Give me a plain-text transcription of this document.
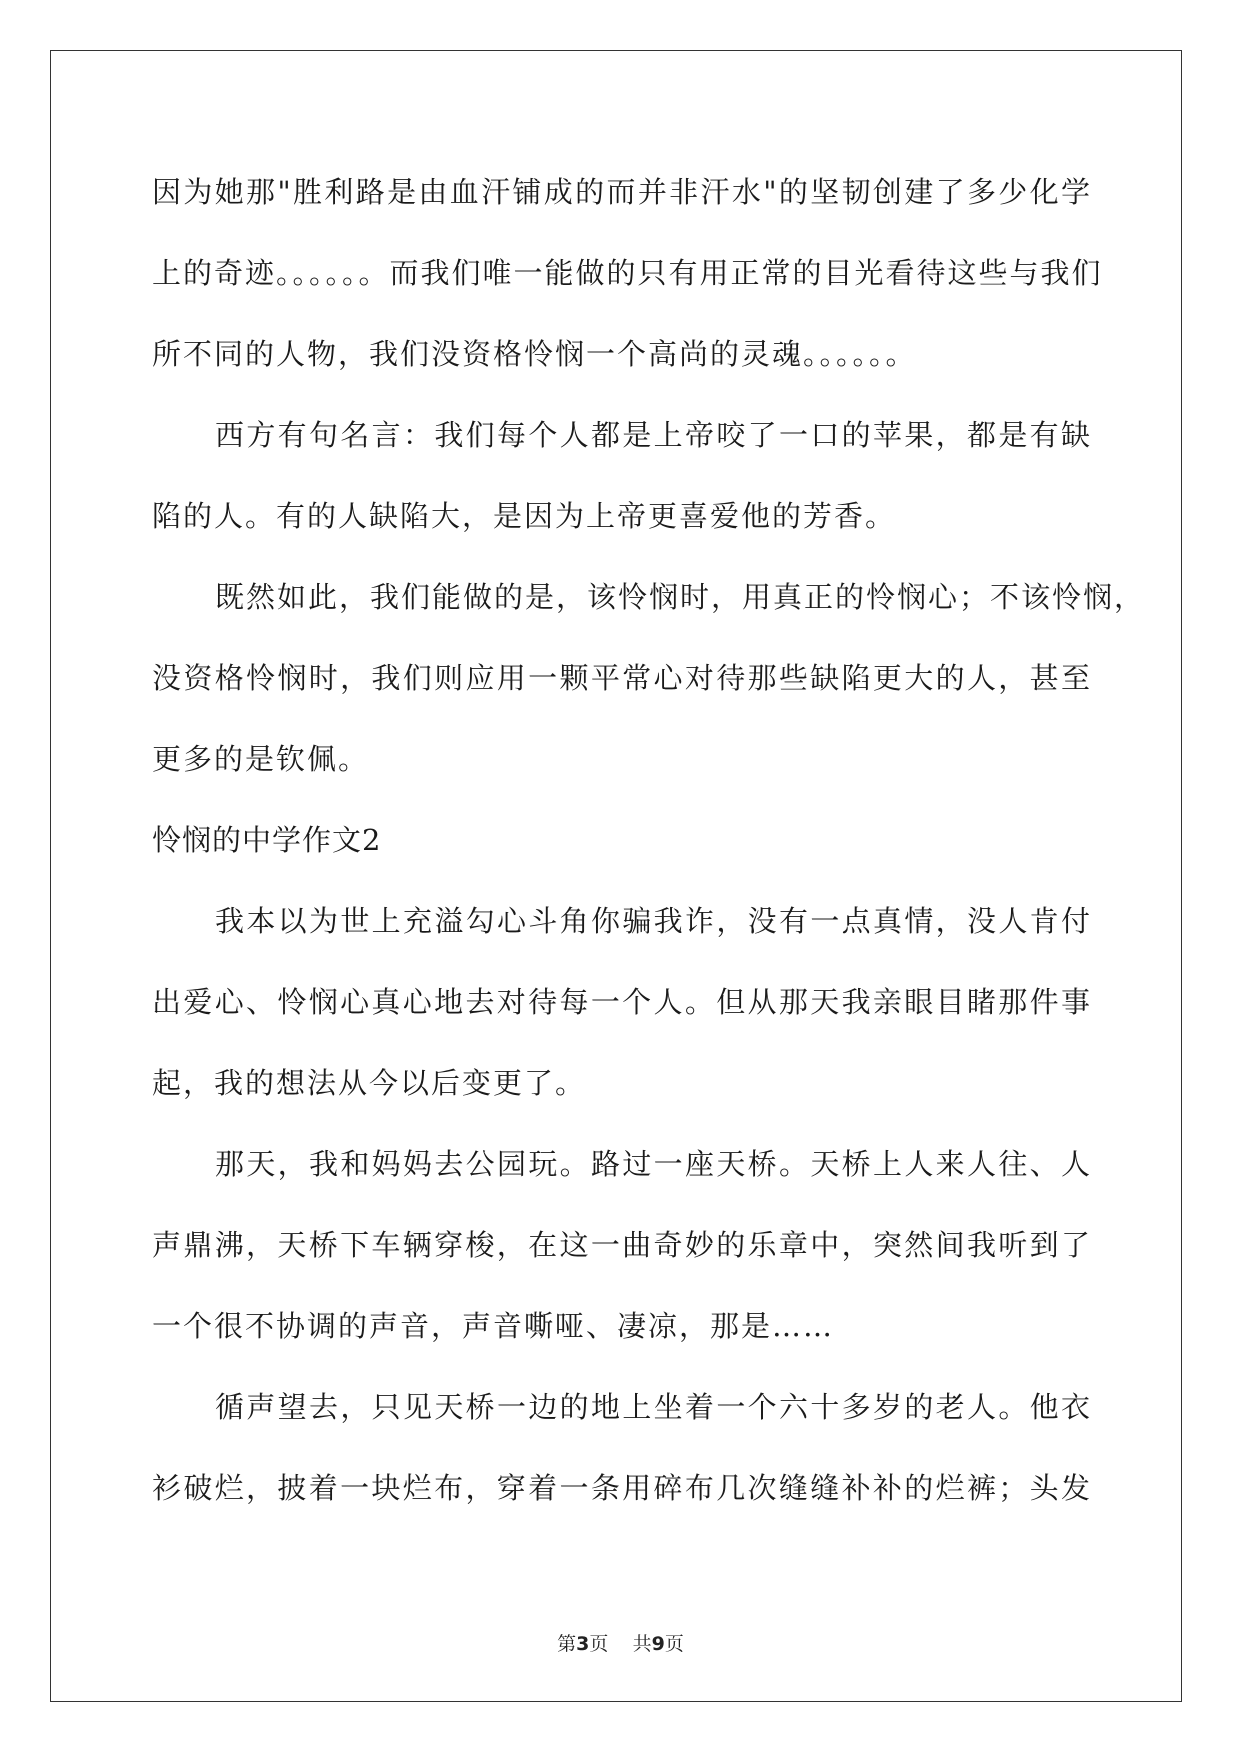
因为她那"胜利路是由血汗铺成的而并非汗水"的坚韧创建了多少化学
上的奇迹。。。。。。而我们唯一能做的只有用正常的目光看待这些与我们
所不同的人物，我们没资格怜悯一个高尚的灵魂。。。。。。
西方有句名言：我们每个人都是上帝咬了一口的苹果，都是有缺
陷的人。有的人缺陷大，是因为上帝更喜爱他的芳香。
既然如此，我们能做的是，该怜悯时，用真正的怜悯心；不该怜悯，
没资格怜悯时，我们则应用一颗平常心对待那些缺陷更大的人，甚至
更多的是钦佩。
怜悯的中学作文2
我本以为世上充溢勾心斗角你骗我诈，没有一点真情，没人肯付
出爱心、怜悯心真心地去对待每一个人。但从那天我亲眼目睹那件事
起，我的想法从今以后变更了。
那天，我和妈妈去公园玩。路过一座天桥。天桥上人来人往、人
声鼎沸，天桥下车辆穿梭，在这一曲奇妙的乐章中，突然间我听到了
一个很不协调的声音，声音嘶哑、凄凉，那是……
循声望去，只见天桥一边的地上坐着一个六十多岁的老人。他衣
衫破烂，披着一块烂布，穿着一条用碎布几次缝缝补补的烂裤；头发
第3页    共9页
